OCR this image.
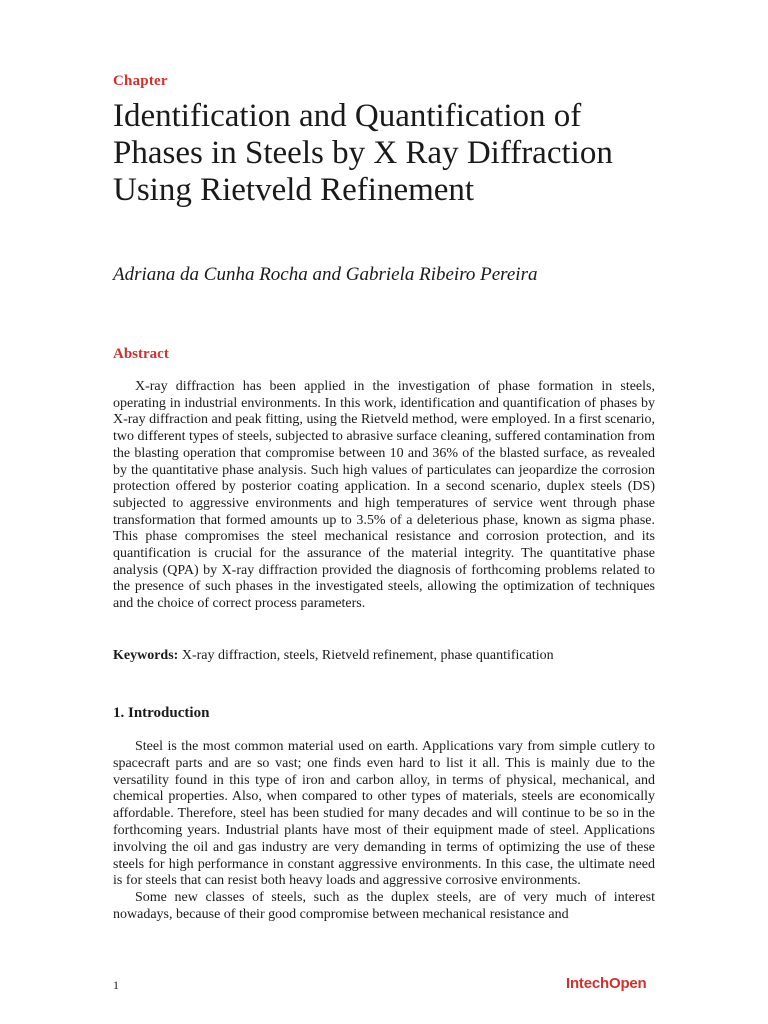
Chapter
Identification and Quantification of Phases in Steels by X Ray Diffraction Using Rietveld Refinement
Adriana da Cunha Rocha and Gabriela Ribeiro Pereira
Abstract

X-ray diffraction has been applied in the investigation of phase formation in steels, operating in industrial environments. In this work, identification and quantification of phases by X-ray diffraction and peak fitting, using the Rietveld method, were employed. In a first scenario, two different types of steels, subjected to abrasive surface cleaning, suffered contamination from the blasting operation that compromise between 10 and 36% of the blasted surface, as revealed by the quantitative phase analysis. Such high values of particulates can jeopardize the corrosion protection offered by posterior coating application. In a second scenario, duplex steels (DS) subjected to aggressive environments and high temperatures of service went through phase transformation that formed amounts up to 3.5% of a deleterious phase, known as sigma phase. This phase compromises the steel mechanical resistance and corrosion protection, and its quantification is crucial for the assurance of the material integrity. The quantitative phase analysis (QPA) by X-ray diffraction provided the diagnosis of forthcoming problems related to the presence of such phases in the investigated steels, allowing the optimization of techniques and the choice of correct process parameters.

Keywords: X-ray diffraction, steels, Rietveld refinement, phase quantification
1. Introduction

Steel is the most common material used on earth. Applications vary from simple cutlery to spacecraft parts and are so vast; one finds even hard to list it all. This is mainly due to the versatility found in this type of iron and carbon alloy, in terms of physical, mechanical, and chemical properties. Also, when compared to other types of materials, steels are economically affordable. Therefore, steel has been studied for many decades and will continue to be so in the forthcoming years. Industrial plants have most of their equipment made of steel. Applications involving the oil and gas industry are very demanding in terms of optimizing the use of these steels for high performance in constant aggressive environments. In this case, the ultimate need is for steels that can resist both heavy loads and aggressive corrosive environments.

Some new classes of steels, such as the duplex steels, are of very much of interest nowadays, because of their good compromise between mechanical resistance and

1	IntechOpen
